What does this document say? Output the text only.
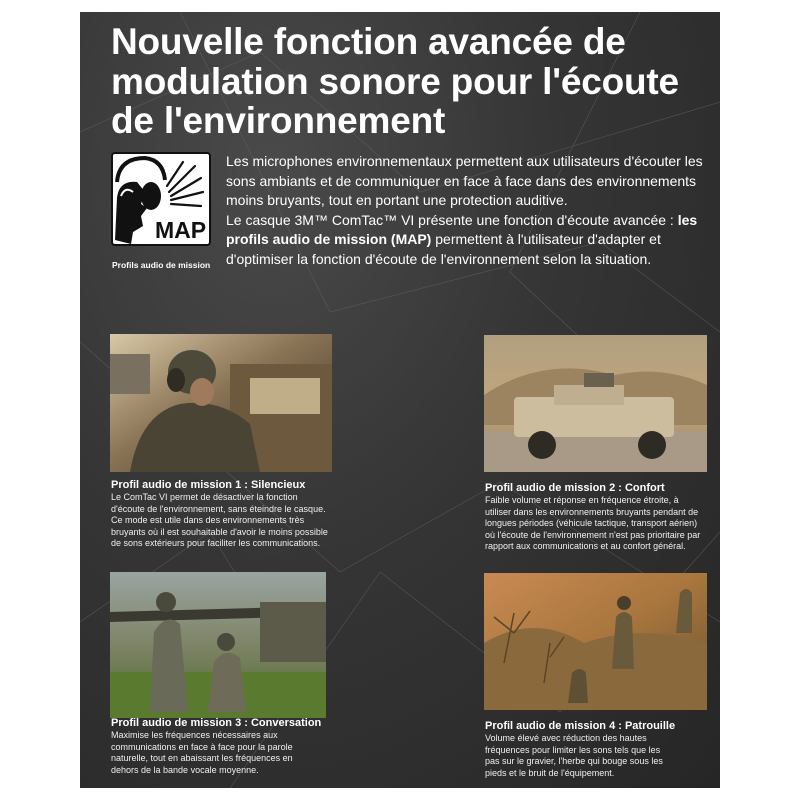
Nouvelle fonction avancée de modulation sonore pour l'écoute de l'environnement
MAP
Profils audio de mission

Les microphones environnementaux permettent aux utilisateurs d'écouter les sons ambiants et de communiquer en face à face dans des environnements moins bruyants, tout en portant une protection auditive.

Le casque 3M™ ComTac™ VI présente une fonction d'écoute avancée : les profils audio de mission (MAP) permettent à l'utilisateur d'adapter et d'optimiser la fonction d'écoute de l'environnement selon la situation.

Profil audio de mission 1 : Silencieux

Le ComTac VI permet de désactiver la fonction d'écoute de l'environnement, sans éteindre le casque. Ce mode est utile dans des environnements très bruyants où il est souhaitable d'avoir le moins possible de sons extérieurs pour faciliter les communications.

Profil audio de mission 2 : Confort

Faible volume et réponse en fréquence étroite, à utiliser dans les environnements bruyants pendant de longues périodes (véhicule tactique, transport aérien) où l'écoute de l'environnement n'est pas prioritaire par rapport aux communications et au confort général.

Profil audio de mission 3 : Conversation

Maximise les fréquences nécessaires aux communications en face à face pour la parole naturelle, tout en abaissant les fréquences en dehors de la bande vocale moyenne.

Profil audio de mission 4 : Patrouille

Volume élevé avec réduction des hautes fréquences pour limiter les sons tels que les pas sur le gravier, l'herbe qui bouge sous les pieds et le bruit de l'équipement.
